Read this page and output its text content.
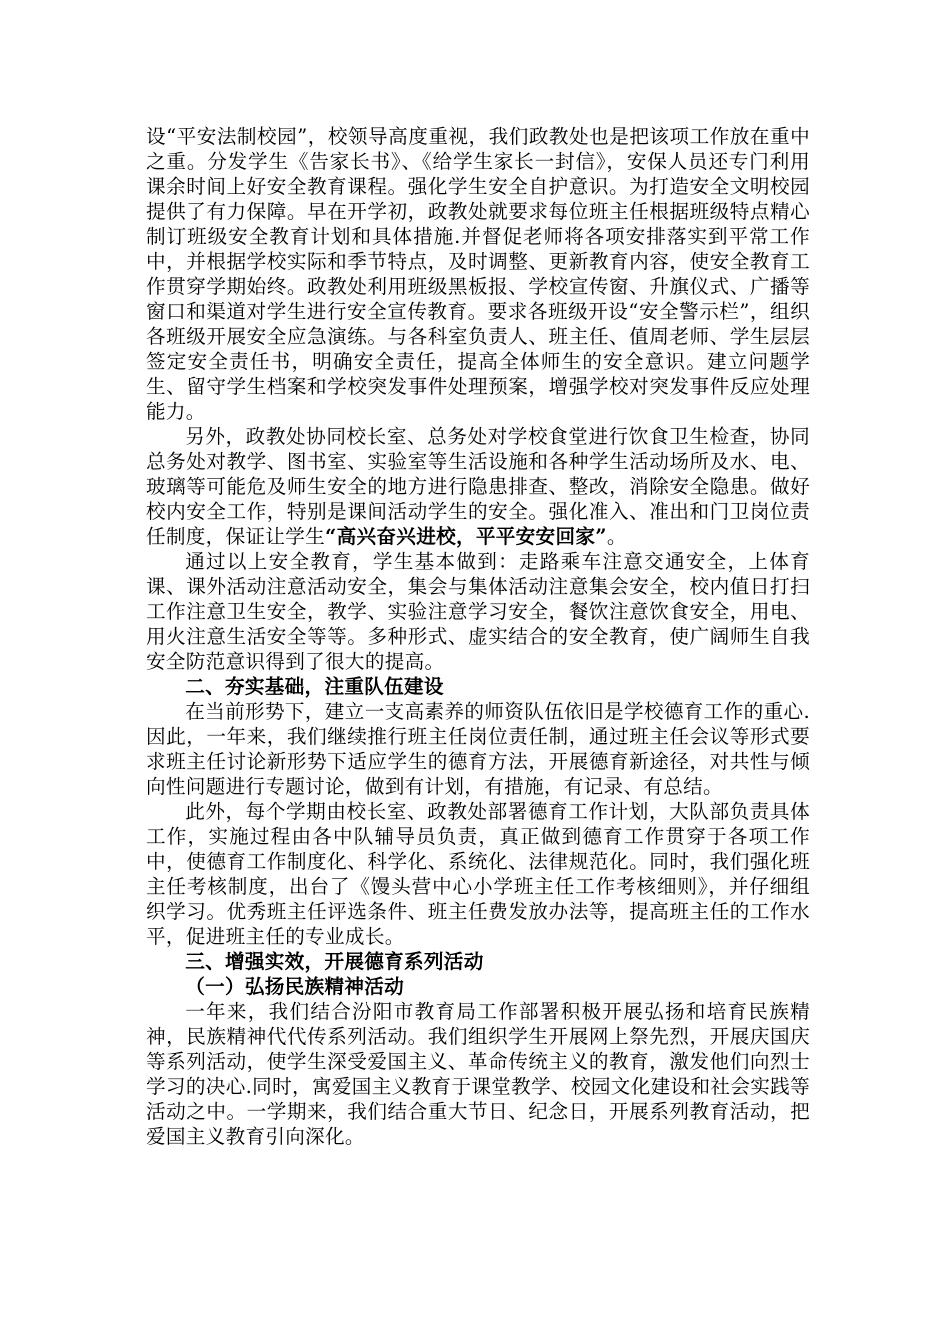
设“平安法制校园”，校领导高度重视，我们政教处也是把该项工作放在重中之重。分发学生《告家长书》、《给学生家长一封信》，安保人员还专门利用课余时间上好安全教育课程。强化学生安全自护意识。为打造安全文明校园提供了有力保障。早在开学初，政教处就要求每位班主任根据班级特点精心制订班级安全教育计划和具体措施.并督促老师将各项安排落实到平常工作中，并根据学校实际和季节特点，及时调整、更新教育内容，使安全教育工作贯穿学期始终。政教处利用班级黑板报、学校宣传窗、升旗仪式、广播等窗口和渠道对学生进行安全宣传教育。要求各班级开设“安全警示栏”，组织各班级开展安全应急演练。与各科室负责人、班主任、值周老师、学生层层签定安全责任书，明确安全责任，提高全体师生的安全意识。建立问题学生、留守学生档案和学校突发事件处理预案，增强学校对突发事件反应处理能力。

另外，政教处协同校长室、总务处对学校食堂进行饮食卫生检查，协同总务处对教学、图书室、实验室等生活设施和各种学生活动场所及水、电、玻璃等可能危及师生安全的地方进行隐患排查、整改，消除安全隐患。做好校内安全工作，特别是课间活动学生的安全。强化准入、准出和门卫岗位责任制度，保证让学生“高兴奋兴进校，平平安安回家”。

通过以上安全教育，学生基本做到：走路乘车注意交通安全，上体育课、课外活动注意活动安全，集会与集体活动注意集会安全，校内值日打扫工作注意卫生安全，教学、实验注意学习安全，餐饮注意饮食安全，用电、用火注意生活安全等等。多种形式、虚实结合的安全教育，使广阔师生自我安全防范意识得到了很大的提高。

二、夯实基础，注重队伍建设

在当前形势下，建立一支高素养的师资队伍依旧是学校德育工作的重心.因此，一年来，我们继续推行班主任岗位责任制，通过班主任会议等形式要求班主任讨论新形势下适应学生的德育方法，开展德育新途径，对共性与倾向性问题进行专题讨论，做到有计划，有措施，有记录、有总结。

此外，每个学期由校长室、政教处部署德育工作计划，大队部负责具体工作，实施过程由各中队辅导员负责，真正做到德育工作贯穿于各项工作中，使德育工作制度化、科学化、系统化、法律规范化。同时，我们强化班主任考核制度，出台了《馒头营中心小学班主任工作考核细则》，并仔细组织学习。优秀班主任评选条件、班主任费发放办法等，提高班主任的工作水平，促进班主任的专业成长。

三、增强实效，开展德育系列活动

（一）弘扬民族精神活动

一年来，我们结合汾阳市教育局工作部署积极开展弘扬和培育民族精神，民族精神代代传系列活动。我们组织学生开展网上祭先烈，开展庆国庆等系列活动，使学生深受爱国主义、革命传统主义的教育，激发他们向烈士学习的决心.同时，寓爱国主义教育于课堂教学、校园文化建设和社会实践等活动之中。一学期来，我们结合重大节日、纪念日，开展系列教育活动，把爱国主义教育引向深化。
